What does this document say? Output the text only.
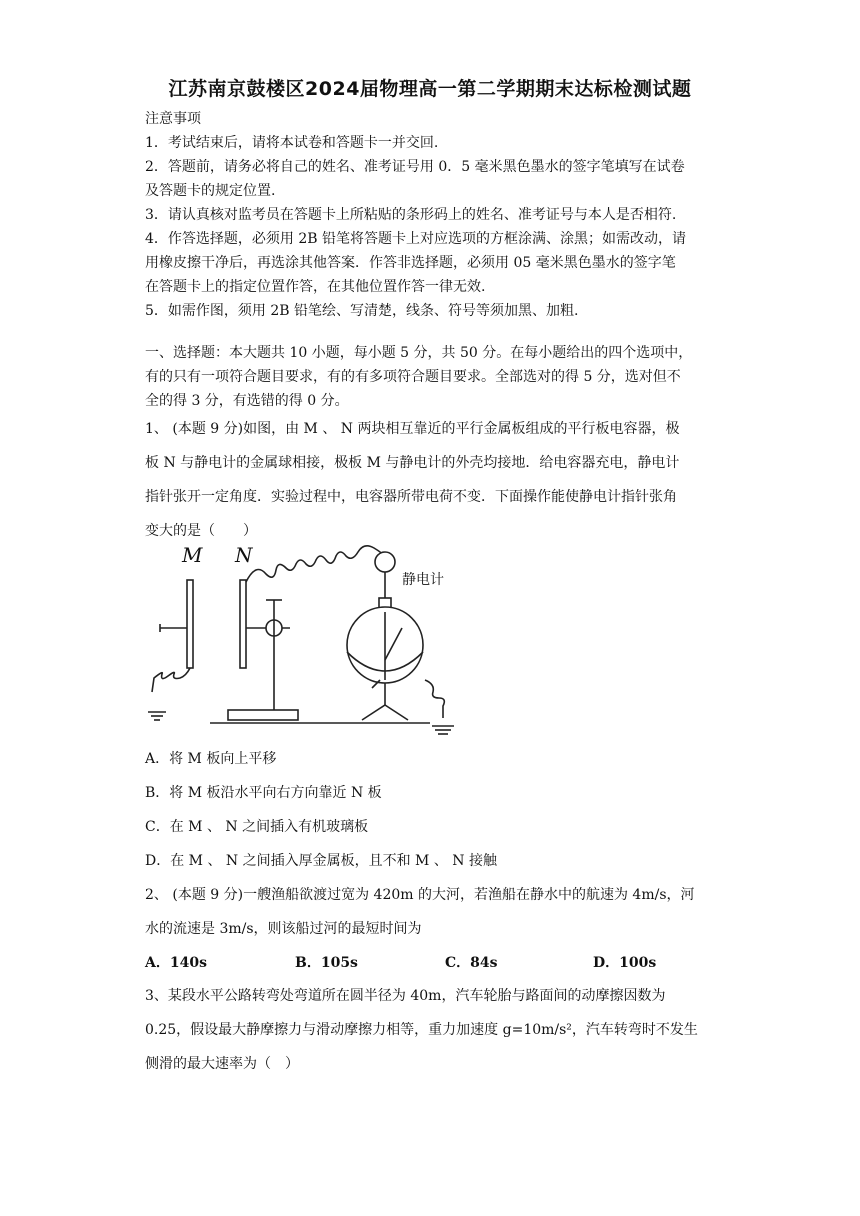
江苏南京鼓楼区2024届物理高一第二学期期末达标检测试题
注意事项
1．考试结束后，请将本试卷和答题卡一并交回.
2．答题前，请务必将自己的姓名、准考证号用 0．5 毫米黑色墨水的签字笔填写在试卷
及答题卡的规定位置.
3．请认真核对监考员在答题卡上所粘贴的条形码上的姓名、准考证号与本人是否相符.
4．作答选择题，必须用 2B 铅笔将答题卡上对应选项的方框涂满、涂黑；如需改动，请
用橡皮擦干净后，再选涂其他答案．作答非选择题，必须用 05 毫米黑色墨水的签字笔
在答题卡上的指定位置作答，在其他位置作答一律无效.
5．如需作图，须用 2B 铅笔绘、写清楚，线条、符号等须加黑、加粗.
一、选择题：本大题共 10 小题，每小题 5 分，共 50 分。在每小题给出的四个选项中，
有的只有一项符合题目要求，有的有多项符合题目要求。全部选对的得 5 分，选对但不
全的得 3 分，有选错的得 0 分。
1、 (本题 9 分)如图，由 M 、 N 两块相互靠近的平行金属板组成的平行板电容器，极
板 N 与静电计的金属球相接，极板 M 与静电计的外壳均接地．给电容器充电，静电计
指针张开一定角度．实验过程中，电容器所带电荷不变．下面操作能使静电计指针张角
变大的是（　　）
M N
静电计
A．将 M 板向上平移
B．将 M 板沿水平向右方向靠近 N 板
C．在 M 、 N 之间插入有机玻璃板
D．在 M 、 N 之间插入厚金属板，且不和 M 、 N 接触
2、 (本题 9 分)一艘渔船欲渡过宽为 420m 的大河，若渔船在静水中的航速为 4m/s，河
水的流速是 3m/s，则该船过河的最短时间为
A．140s	B．105s	C．84s	D．100s
3、某段水平公路转弯处弯道所在圆半径为 40m，汽车轮胎与路面间的动摩擦因数为
0.25，假设最大静摩擦力与滑动摩擦力相等，重力加速度 g=10m/s²，汽车转弯时不发生
侧滑的最大速率为（　）
